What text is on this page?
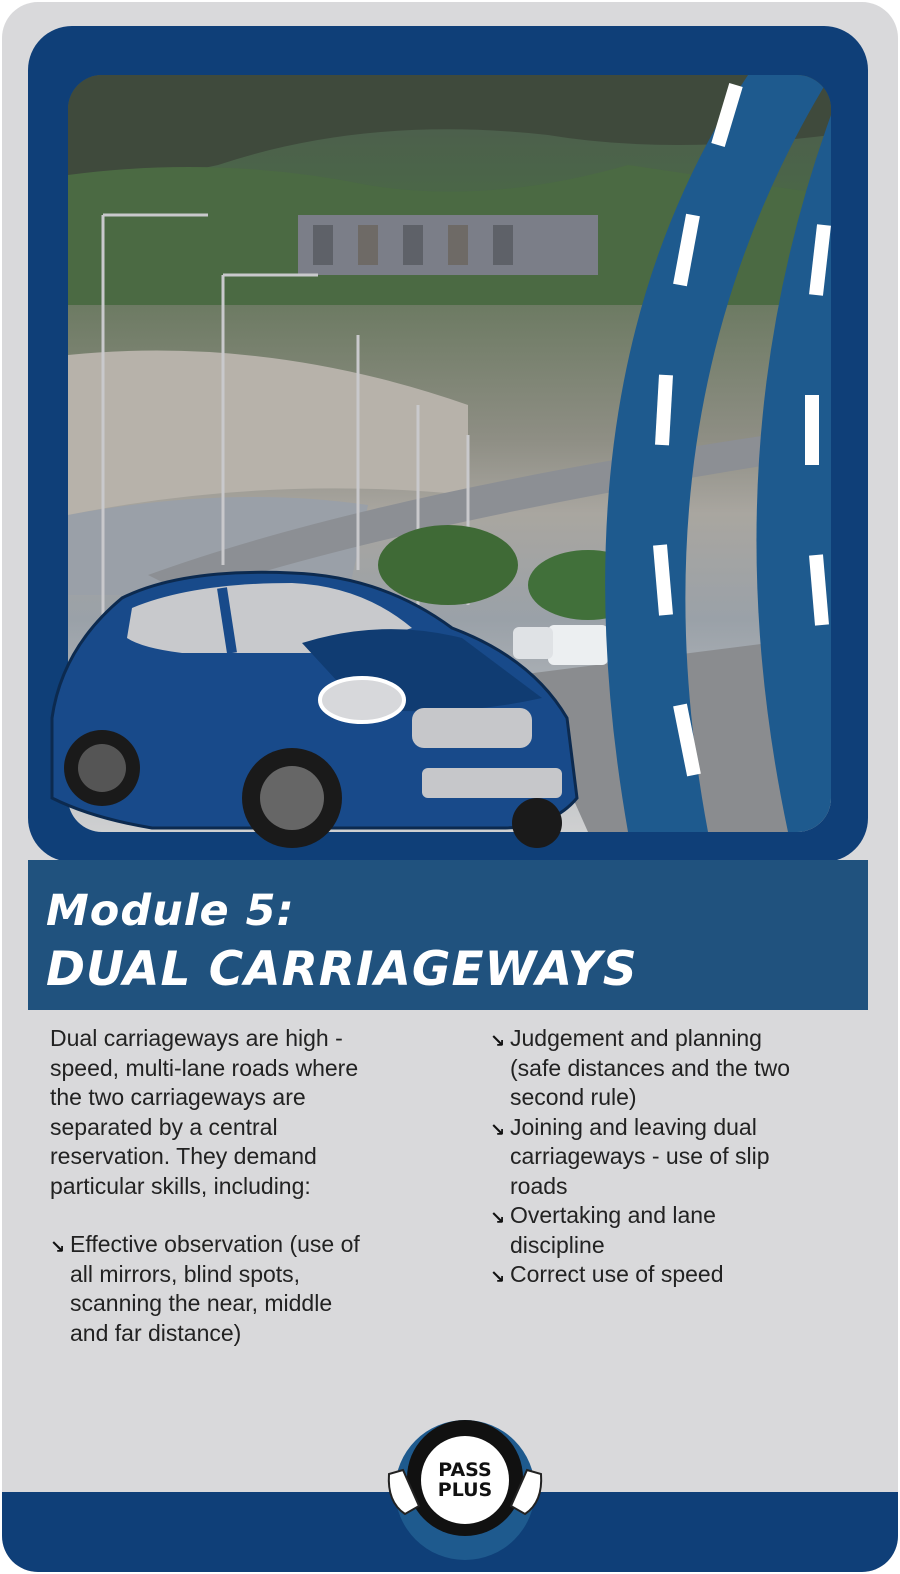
Module 5:
DUAL CARRIAGEWAYS

Dual carriageways are high -

speed, multi-lane roads where

the two carriageways are

separated by a central

reservation. They demand

particular skills, including:

↘ Effective observation (use of

all mirrors, blind spots,

scanning the near, middle

and far distance)

↘ Judgement and planning

(safe distances and the two

second rule)

↘ Joining and leaving dual

carriageways - use of slip

roads

↘ Overtaking and lane

discipline

↘ Correct use of speed

PASS
PLUS
